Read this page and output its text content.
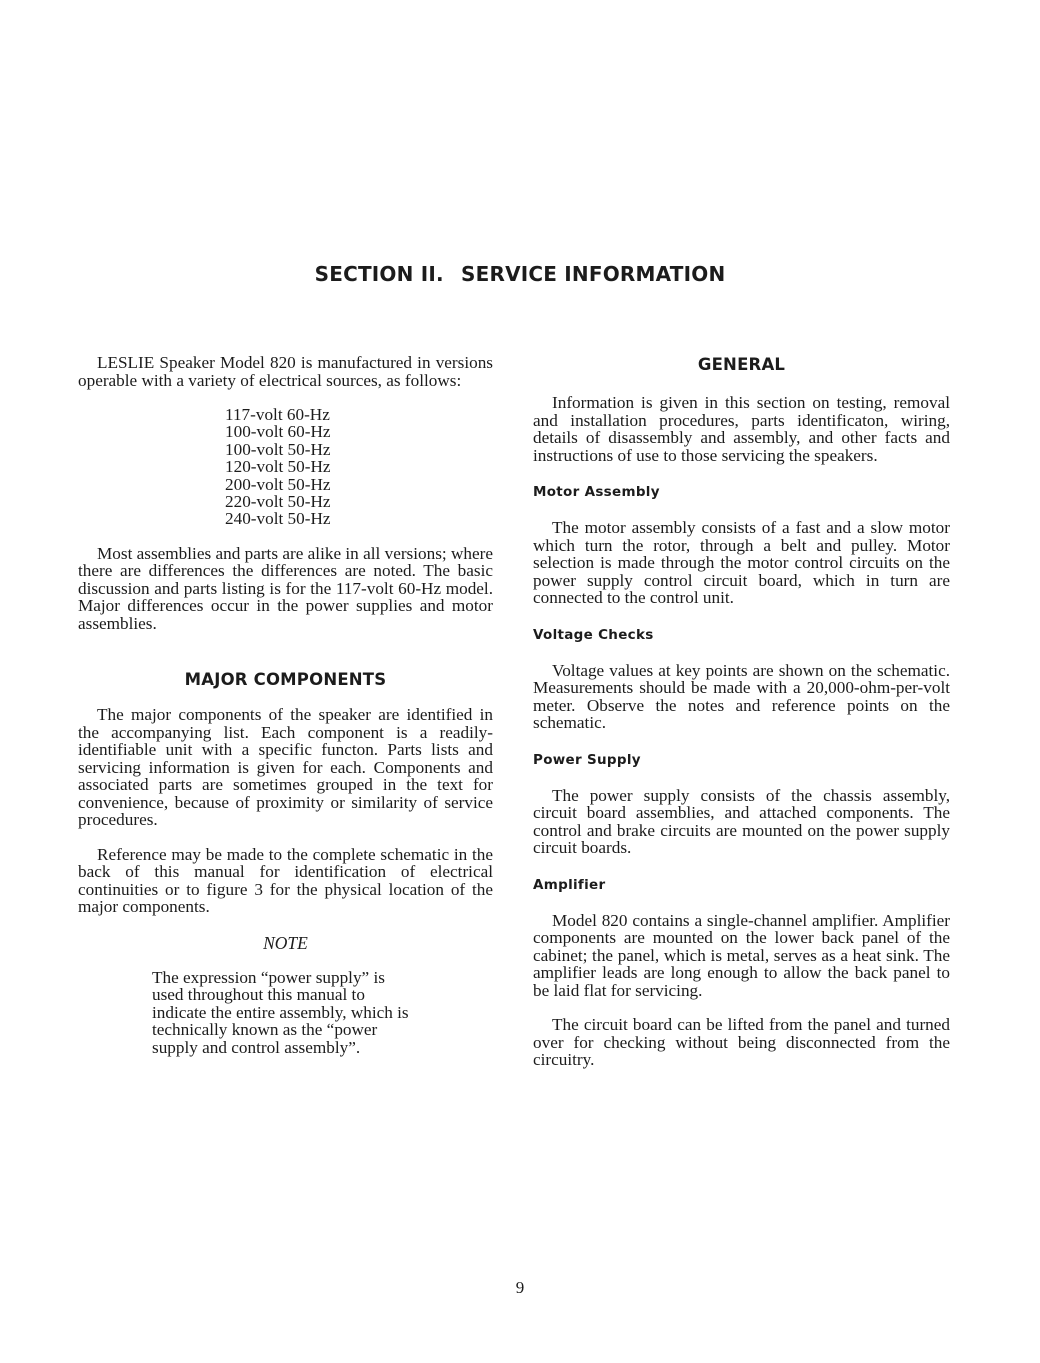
SECTION II. SERVICE INFORMATION

LESLIE Speaker Model 820 is manufactured in versions operable with a variety of electrical sources, as follows:

117-volt 60-Hz
100-volt 60-Hz
100-volt 50-Hz
120-volt 50-Hz
200-volt 50-Hz
220-volt 50-Hz
240-volt 50-Hz

Most assemblies and parts are alike in all versions; where there are differences the differences are noted. The basic discussion and parts listing is for the 117-volt 60-Hz model. Major differences occur in the power supplies and motor assemblies.

MAJOR COMPONENTS

The major components of the speaker are identified in the accompanying list. Each component is a readily-identifiable unit with a specific functon. Parts lists and servicing information is given for each. Components and associated parts are sometimes grouped in the text for convenience, because of proximity or similarity of service procedures.

Reference may be made to the complete schematic in the back of this manual for identification of electrical continuities or to figure 3 for the physical location of the major components.

NOTE

The expression “power supply” is used throughout this manual to indicate the entire assembly, which is technically known as the “power supply and control assembly”.

GENERAL

Information is given in this section on testing, removal and installation procedures, parts identificaton, wiring, details of disassembly and assembly, and other facts and instructions of use to those servicing the speakers.

Motor Assembly

The motor assembly consists of a fast and a slow motor which turn the rotor, through a belt and pulley. Motor selection is made through the motor control circuits on the power supply control circuit board, which in turn are connected to the control unit.

Voltage Checks

Voltage values at key points are shown on the schematic. Measurements should be made with a 20,000-ohm-per-volt meter. Observe the notes and reference points on the schematic.

Power Supply

The power supply consists of the chassis assembly, circuit board assemblies, and attached components. The control and brake circuits are mounted on the power supply circuit boards.

Amplifier

Model 820 contains a single-channel amplifier. Amplifier components are mounted on the lower back panel of the cabinet; the panel, which is metal, serves as a heat sink. The amplifier leads are long enough to allow the back panel to be laid flat for servicing.

The circuit board can be lifted from the panel and turned over for checking without being disconnected from the circuitry.

9
